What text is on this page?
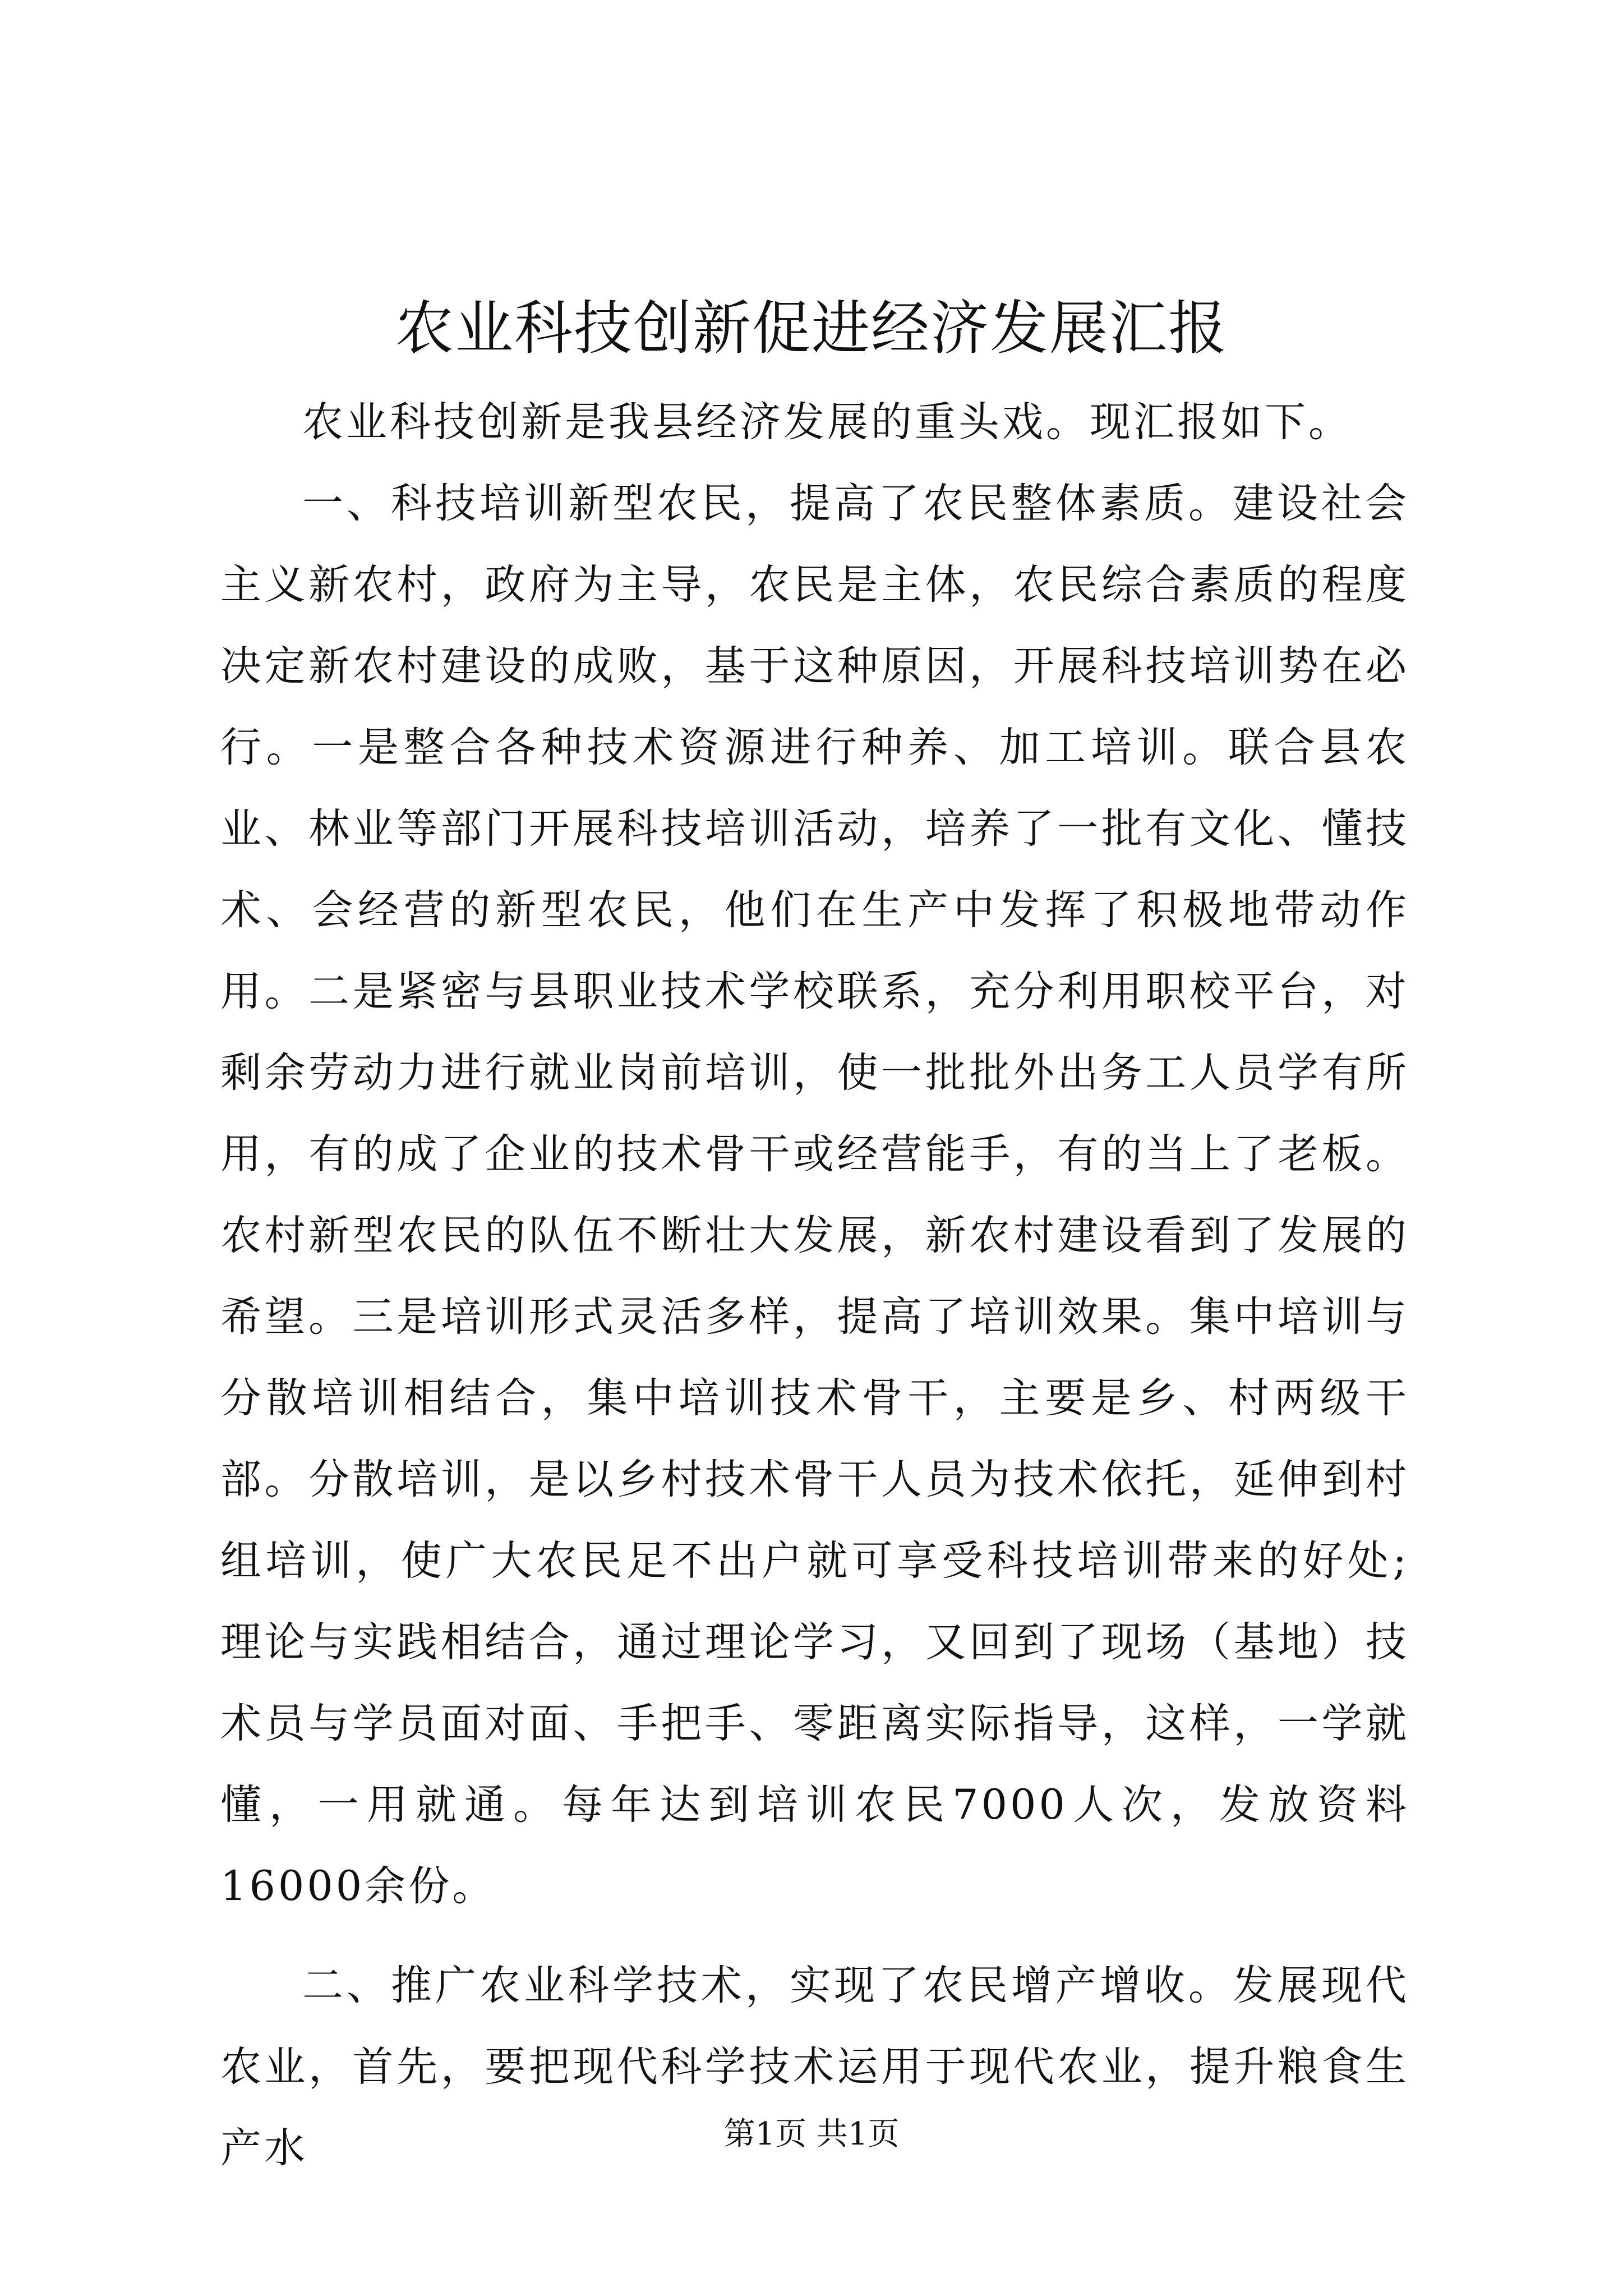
农业科技创新促进经济发展汇报

农业科技创新是我县经济发展的重头戏。现汇报如下。

一、科技培训新型农民，提高了农民整体素质。建设社会主义新农村，政府为主导，农民是主体，农民综合素质的程度决定新农村建设的成败，基于这种原因，开展科技培训势在必行。一是整合各种技术资源进行种养、加工培训。联合县农业、林业等部门开展科技培训活动，培养了一批有文化、懂技术、会经营的新型农民，他们在生产中发挥了积极地带动作用。二是紧密与县职业技术学校联系，充分利用职校平台，对剩余劳动力进行就业岗前培训，使一批批外出务工人员学有所用，有的成了企业的技术骨干或经营能手，有的当上了老板。农村新型农民的队伍不断壮大发展，新农村建设看到了发展的希望。三是培训形式灵活多样，提高了培训效果。集中培训与分散培训相结合，集中培训技术骨干，主要是乡、村两级干部。分散培训，是以乡村技术骨干人员为技术依托，延伸到村组培训，使广大农民足不出户就可享受科技培训带来的好处;理论与实践相结合，通过理论学习，又回到了现场（基地）技术员与学员面对面、手把手、零距离实际指导，这样，一学就懂，一用就通。每年达到培训农民7000人次，发放资料16000余份。

二、推广农业科学技术，实现了农民增产增收。发展现代农业，首先，要把现代科学技术运用于现代农业，提升粮食生产水	第1页 共1页
